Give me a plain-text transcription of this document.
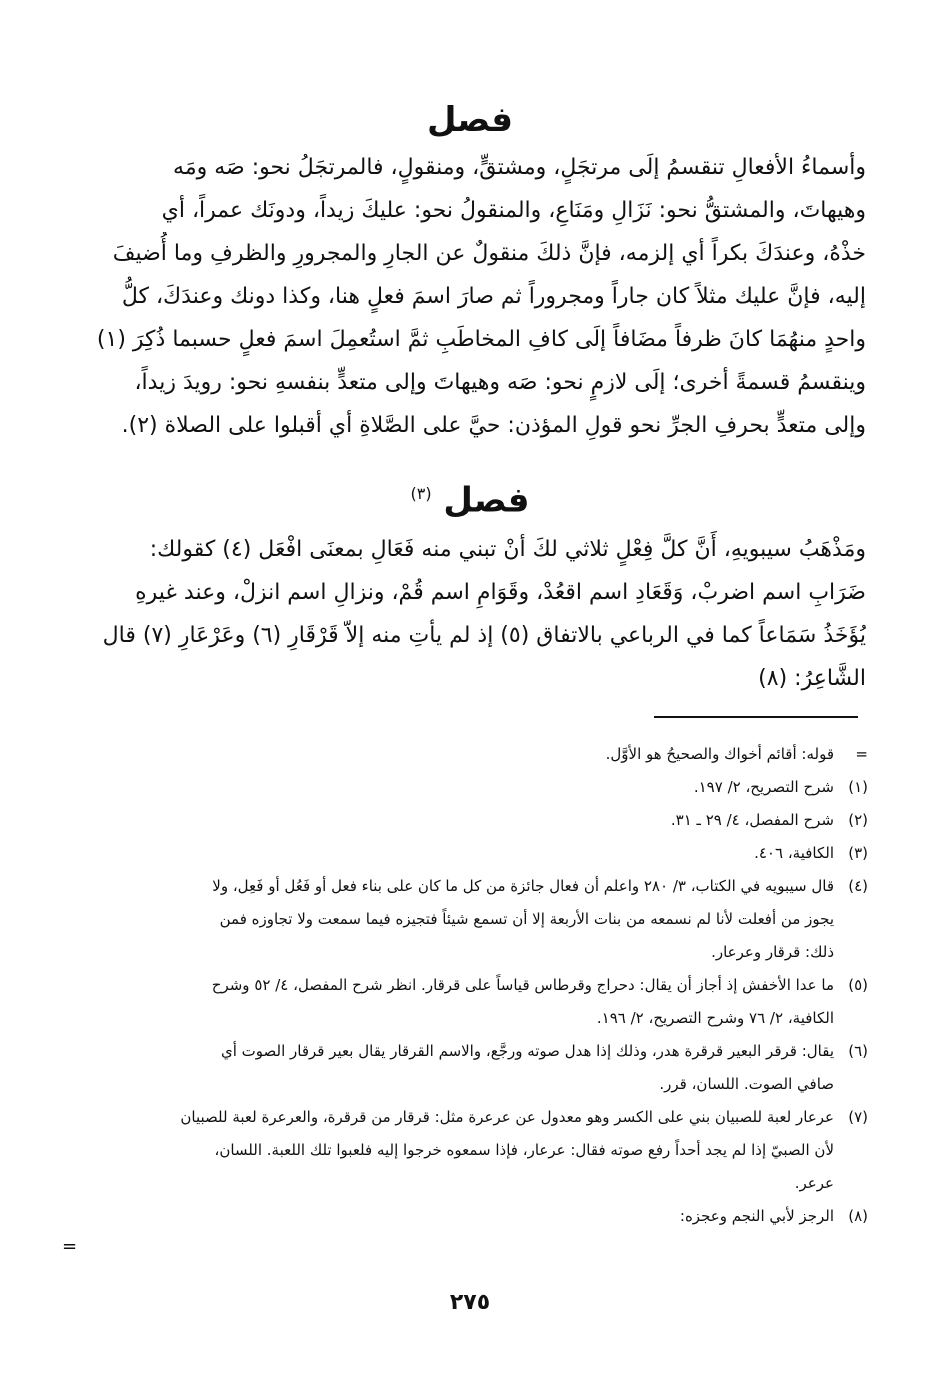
فصل
وأسماءُ الأفعالِ تنقسمُ إلَى مرتجَلٍ، ومشتقٍّ، ومنقولٍ، فالمرتجَلُ نحو: صَه ومَه
وهيهاتَ، والمشتقُّ نحو: نَزَالِ ومَنَاعِ، والمنقولُ نحو: عليكَ زيداً، ودونَك عمراً، أي
خذْهُ، وعندَكَ بكراً أي إلزمه، فإنَّ ذلكَ منقولٌ عن الجارِ والمجرورِ والظرفِ وما أُضيفَ
إليه، فإنَّ عليك مثلاً كان جاراً ومجروراً ثم صارَ اسمَ فعلٍ هنا، وكذا دونك وعندَكَ، كلُّ
واحدٍ منهُمَا كانَ ظرفاً مضَافاً إلَى كافِ المخاطَبِ ثمَّ استُعمِلَ اسمَ فعلٍ حسبما ذُكِرَ (١)
وينقسمُ قسمةً أخرى؛ إلَى لازمٍ نحو: صَه وهيهاتَ وإلى متعدٍّ بنفسهِ نحو: رويدَ زيداً،
وإلى متعدٍّ بحرفِ الجرِّ نحو قولِ المؤذن: حيَّ على الصَّلاةِ أي أقبلوا على الصلاة (٢).
فصل $^{(٣)}$
ومَذْهَبُ سيبويهِ، أَنَّ كلَّ فِعْلٍ ثلاثي لكَ أنْ تبني منه فَعَالِ بمعنَى افْعَل (٤) كقولك:
ضَرَابِ اسم اضربْ، وَقَعَادِ اسم اقعُدْ، وقَوَامِ اسم قُمْ، ونزالِ اسم انزلْ، وعند غيرهِ
يُؤَخَذُ سَمَاعاً كما في الرباعي بالاتفاق (٥) إذ لم يأتِ منه إلاّ قَرْقَارِ (٦) وعَرْعَارِ (٧) قال
الشَّاعِرُ: (٨)
=
قوله: أقائم أخواك والصحيحُ هو الأوَّل.
(١)
شرح التصريح، ٢/ ١٩٧.
(٢)
شرح المفصل، ٤/ ٢٩ ـ ٣١.
(٣)
الكافية، ٤٠٦.
(٤)
قال سيبويه في الكتاب، ٣/ ٢٨٠ واعلم أن فعال جائزة من كل ما كان على بناء فعل أو فَعُل أو فَعِل، ولا
يجوز من أفعلت لأنا لم نسمعه من بنات الأربعة إلا أن تسمع شيئاً فتجيزه فيما سمعت ولا تجاوزه فمن
ذلك: قرقار وعرعار.
(٥)
ما عدا الأخفش إذ أجاز أن يقال: دحراج وقرطاس قياساً على قرقار. انظر شرح المفصل، ٤/ ٥٢ وشرح
الكافية، ٢/ ٧٦ وشرح التصريح، ٢/ ١٩٦.
(٦)
يقال: قرقر البعير قرقرة هدر، وذلك إذا هدل صوته ورجَّع، والاسم القرقار يقال بعير قرقار الصوت أي
صافي الصوت. اللسان، قرر.
(٧)
عرعار لعبة للصبيان بني على الكسر وهو معدول عن عرعرة مثل: قرقار من قرقرة، والعرعرة لعبة للصبيان
لأن الصبيّ إذا لم يجد أحداً رفع صوته فقال: عرعار، فإذا سمعوه خرجوا إليه فلعبوا تلك اللعبة. اللسان،
عرعر.
(٨)
الرجز لأبي النجم وعجزه:
=
٢٧٥
